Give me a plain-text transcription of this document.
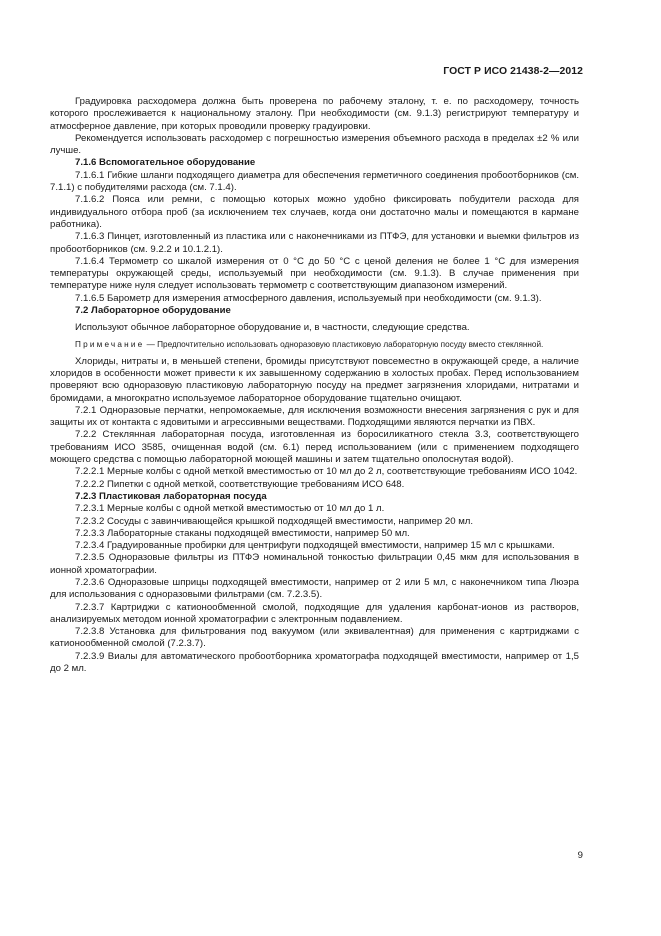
ГОСТ Р ИСО 21438-2—2012

Градуировка расходомера должна быть проверена по рабочему эталону, т. е. по расходомеру, точность которого прослеживается к национальному эталону. При необходимости (см. 9.1.3) регистрируют температуру и атмосферное давление, при которых проводили проверку градуировки.

Рекомендуется использовать расходомер с погрешностью измерения объемного расхода в пределах ±2 % или лучше.

7.1.6 Вспомогательное оборудование

7.1.6.1 Гибкие шланги подходящего диаметра для обеспечения герметичного соединения пробоотборников (см. 7.1.1) с побудителями расхода (см. 7.1.4).

7.1.6.2 Пояса или ремни, с помощью которых можно удобно фиксировать побудители расхода для индивидуального отбора проб (за исключением тех случаев, когда они достаточно малы и помещаются в кармане работника).

7.1.6.3 Пинцет, изготовленный из пластика или с наконечниками из ПТФЭ, для установки и выемки фильтров из пробоотборников (см. 9.2.2 и 10.1.2.1).

7.1.6.4 Термометр со шкалой измерения от 0 °С до 50 °С с ценой деления не более 1 °С для измерения температуры окружающей среды, используемый при необходимости (см. 9.1.3). В случае применения при температуре ниже нуля следует использовать термометр с соответствующим диапазоном измерений.

7.1.6.5 Барометр для измерения атмосферного давления, используемый при необходимости (см. 9.1.3).

7.2 Лабораторное оборудование

Используют обычное лабораторное оборудование и, в частности, следующие средства.

Примечание — Предпочтительно использовать одноразовую пластиковую лабораторную посуду вместо стеклянной.

Хлориды, нитраты и, в меньшей степени, бромиды присутствуют повсеместно в окружающей среде, а наличие хлоридов в особенности может привести к их завышенному содержанию в холостых пробах. Перед использованием проверяют всю одноразовую пластиковую лабораторную посуду на предмет загрязнения хлоридами, нитратами и бромидами, а многократно используемое лабораторное оборудование тщательно очищают.

7.2.1 Одноразовые перчатки, непромокаемые, для исключения возможности внесения загрязнения с рук и для защиты их от контакта с ядовитыми и агрессивными веществами. Подходящими являются перчатки из ПВХ.

7.2.2 Стеклянная лабораторная посуда, изготовленная из боросиликатного стекла 3.3, соответствующего требованиям ИСО 3585, очищенная водой (см. 6.1) перед использованием (или с применением подходящего моющего средства с помощью лабораторной моющей машины и затем тщательно ополоснутая водой).

7.2.2.1 Мерные колбы с одной меткой вместимостью от 10 мл до 2 л, соответствующие требованиям ИСО 1042.

7.2.2.2 Пипетки с одной меткой, соответствующие требованиям ИСО 648.

7.2.3 Пластиковая лабораторная посуда

7.2.3.1 Мерные колбы с одной меткой вместимостью от 10 мл до 1 л.

7.2.3.2 Сосуды с завинчивающейся крышкой подходящей вместимости, например 20 мл.

7.2.3.3 Лабораторные стаканы подходящей вместимости, например 50 мл.

7.2.3.4 Градуированные пробирки для центрифуги подходящей вместимости, например 15 мл с крышками.

7.2.3.5 Одноразовые фильтры из ПТФЭ номинальной тонкостью фильтрации 0,45 мкм для использования в ионной хроматографии.

7.2.3.6 Одноразовые шприцы подходящей вместимости, например от 2 или 5 мл, с наконечником типа Люэра для использования с одноразовыми фильтрами (см. 7.2.3.5).

7.2.3.7 Картриджи с катионообменной смолой, подходящие для удаления карбонат-ионов из растворов, анализируемых методом ионной хроматографии с электронным подавлением.

7.2.3.8 Установка для фильтрования под вакуумом (или эквивалентная) для применения с картриджами с катионообменной смолой (7.2.3.7).

7.2.3.9 Виалы для автоматического пробоотборника хроматографа подходящей вместимости, например от 1,5 до 2 мл.

9
